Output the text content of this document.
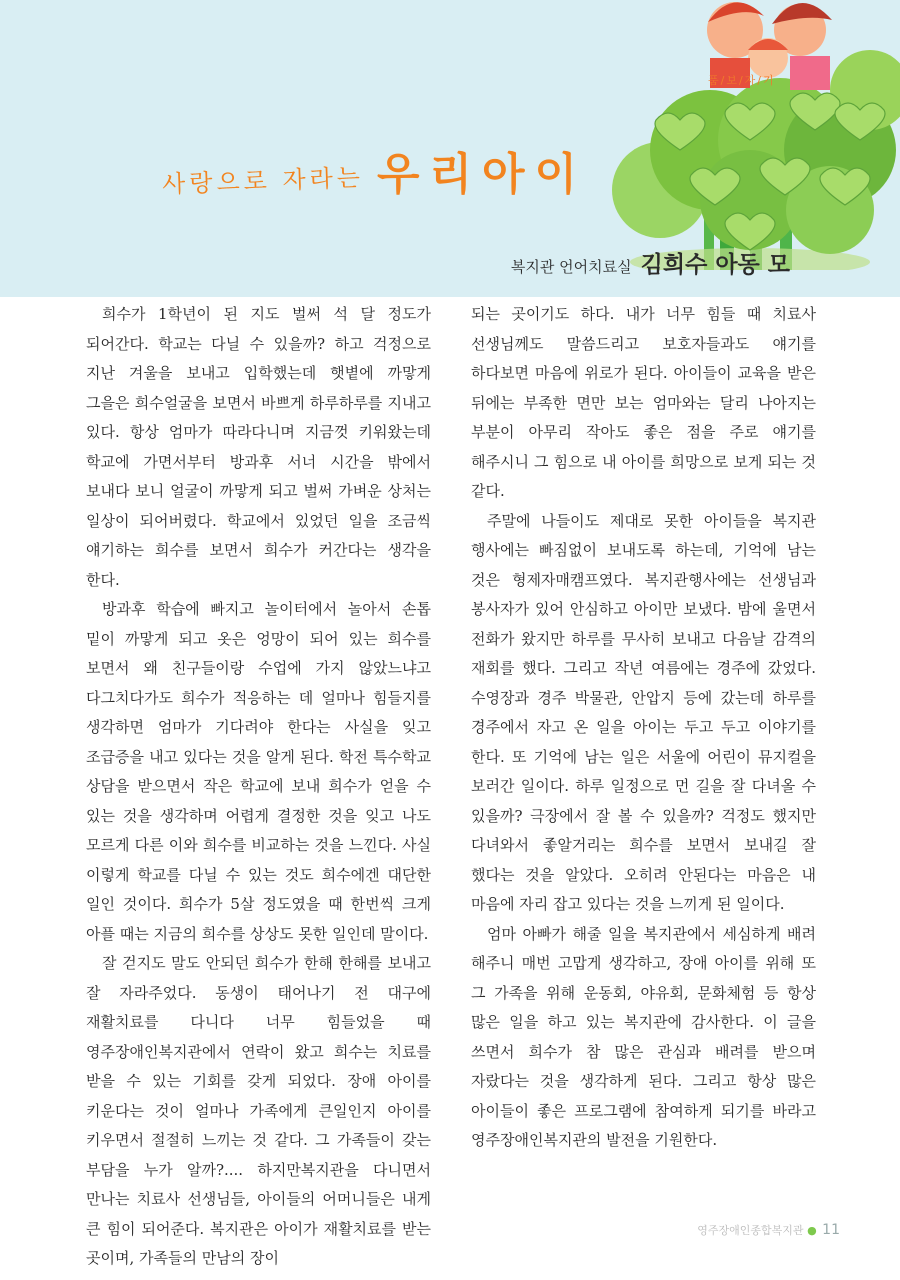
품/보/자/기
사랑으로 자라는 우리아이
복지관 언어치료실 김희수 아동 모

희수가 1학년이 된 지도 벌써 석 달 정도가 되어간다. 학교는 다닐 수 있을까? 하고 걱정으로 지난 겨울을 보내고 입학했는데 햇볕에 까맣게 그을은 희수얼굴을 보면서 바쁘게 하루하루를 지내고 있다. 항상 엄마가 따라다니며 지금껏 키워왔는데 학교에 가면서부터 방과후 서너 시간을 밖에서 보내다 보니 얼굴이 까맣게 되고 벌써 가벼운 상처는 일상이 되어버렸다. 학교에서 있었던 일을 조금씩 얘기하는 희수를 보면서 희수가 커간다는 생각을 한다.

방과후 학습에 빠지고 놀이터에서 놀아서 손톱 밑이 까맣게 되고 옷은 엉망이 되어 있는 희수를 보면서 왜 친구들이랑 수업에 가지 않았느냐고 다그치다가도 희수가 적응하는 데 얼마나 힘들지를 생각하면 엄마가 기다려야 한다는 사실을 잊고 조급증을 내고 있다는 것을 알게 된다. 학전 특수학교 상담을 받으면서 작은 학교에 보내 희수가 얻을 수 있는 것을 생각하며 어렵게 결정한 것을 잊고 나도 모르게 다른 이와 희수를 비교하는 것을 느낀다. 사실 이렇게 학교를 다닐 수 있는 것도 희수에겐 대단한 일인 것이다. 희수가 5살 정도였을 때 한번씩 크게 아플 때는 지금의 희수를 상상도 못한 일인데 말이다.

잘 걷지도 말도 안되던 희수가 한해 한해를 보내고 잘 자라주었다. 동생이 태어나기 전 대구에 재활치료를 다니다 너무 힘들었을 때 영주장애인복지관에서 연락이 왔고 희수는 치료를 받을 수 있는 기회를 갖게 되었다. 장애 아이를 키운다는 것이 얼마나 가족에게 큰일인지 아이를 키우면서 절절히 느끼는 것 같다. 그 가족들이 갖는 부담을 누가 알까?.... 하지만복지관을 다니면서 만나는 치료사 선생님들, 아이들의 어머니들은 내게 큰 힘이 되어준다. 복지관은 아이가 재활치료를 받는 곳이며, 가족들의 만남의 장이

되는 곳이기도 하다. 내가 너무 힘들 때 치료사 선생님께도 말씀드리고 보호자들과도 얘기를 하다보면 마음에 위로가 된다. 아이들이 교육을 받은 뒤에는 부족한 면만 보는 엄마와는 달리 나아지는 부분이 아무리 작아도 좋은 점을 주로 얘기를 해주시니 그 힘으로 내 아이를 희망으로 보게 되는 것 같다.

주말에 나들이도 제대로 못한 아이들을 복지관 행사에는 빠짐없이 보내도록 하는데, 기억에 남는 것은 형제자매캠프였다. 복지관행사에는 선생님과 봉사자가 있어 안심하고 아이만 보냈다. 밤에 울면서 전화가 왔지만 하루를 무사히 보내고 다음날 감격의 재회를 했다. 그리고 작년 여름에는 경주에 갔었다. 수영장과 경주 박물관, 안압지 등에 갔는데 하루를 경주에서 자고 온 일을 아이는 두고 두고 이야기를 한다. 또 기억에 남는 일은 서울에 어린이 뮤지컬을 보러간 일이다. 하루 일정으로 먼 길을 잘 다녀올 수 있을까? 극장에서 잘 볼 수 있을까? 걱정도 했지만 다녀와서 좋알거리는 희수를 보면서 보내길 잘 했다는 것을 알았다. 오히려 안된다는 마음은 내 마음에 자리 잡고 있다는 것을 느끼게 된 일이다.

엄마 아빠가 해줄 일을 복지관에서 세심하게 배려 해주니 매번 고맙게 생각하고, 장애 아이를 위해 또 그 가족을 위해 운동회, 야유회, 문화체험 등 항상 많은 일을 하고 있는 복지관에 감사한다. 이 글을 쓰면서 희수가 참 많은 관심과 배려를 받으며 자랐다는 것을 생각하게 된다. 그리고 항상 많은 아이들이 좋은 프로그램에 참여하게 되기를 바라고 영주장애인복지관의 발전을 기원한다.

영주장애인종합복지관 ● 11
